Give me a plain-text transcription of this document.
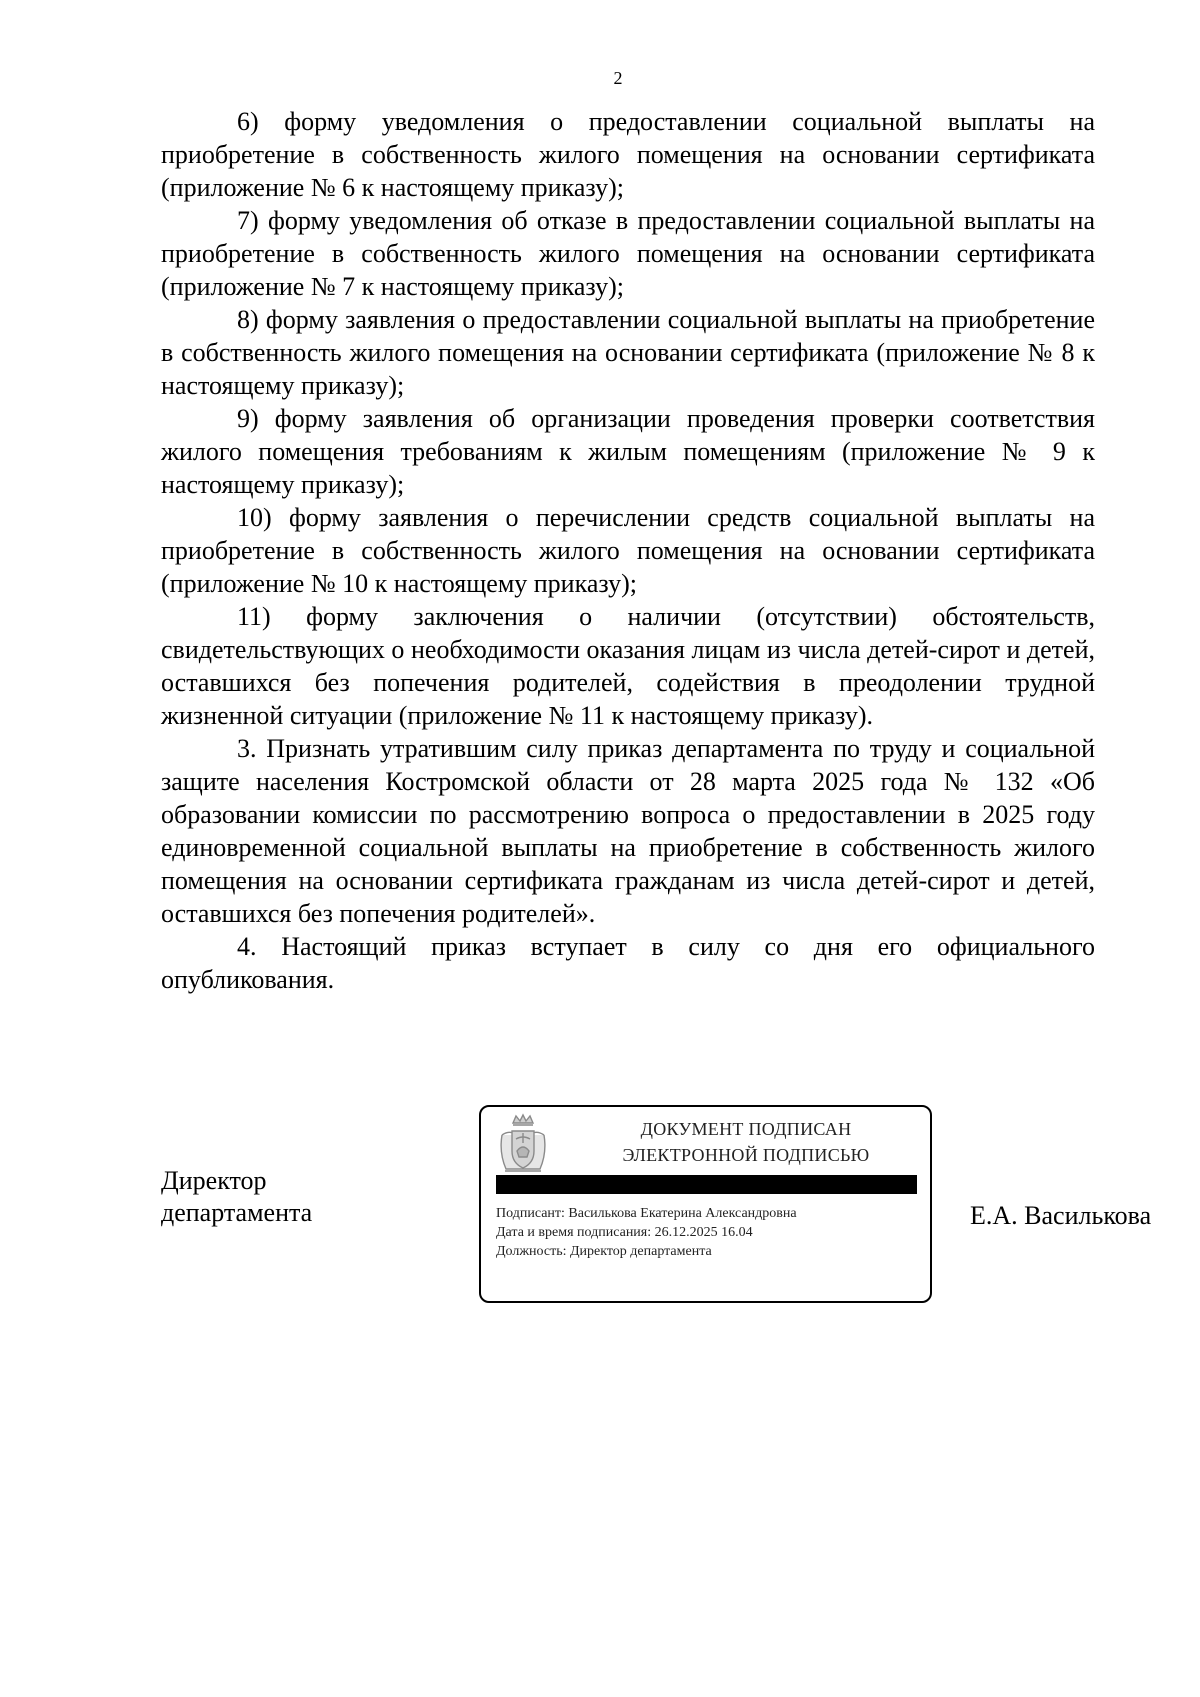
2

6) форму уведомления о предоставлении социальной выплаты на приобретение в собственность жилого помещения на основании сертификата (приложение № 6 к настоящему приказу);

7) форму уведомления об отказе в предоставлении социальной выплаты на приобретение в собственность жилого помещения на основании сертификата (приложение № 7 к настоящему приказу);

8) форму заявления о предоставлении социальной выплаты на приобретение в собственность жилого помещения на основании сертификата (приложение № 8 к настоящему приказу);

9) форму заявления об организации проведения проверки соответствия жилого помещения требованиям к жилым помещениям (приложение № 9 к настоящему приказу);

10) форму заявления о перечислении средств социальной выплаты на приобретение в собственность жилого помещения на основании сертификата (приложение № 10 к настоящему приказу);

11) форму заключения о наличии (отсутствии) обстоятельств, свидетельствующих о необходимости оказания лицам из числа детей-сирот и детей, оставшихся без попечения родителей, содействия в преодолении трудной жизненной ситуации (приложение № 11 к настоящему приказу).

3. Признать утратившим силу приказ департамента по труду и социальной защите населения Костромской области от 28 марта 2025 года № 132 «Об образовании комиссии по рассмотрению вопроса о предоставлении в 2025 году единовременной социальной выплаты на приобретение в собственность жилого помещения на основании сертификата гражданам из числа детей-сирот и детей, оставшихся без попечения родителей».

4. Настоящий приказ вступает в силу со дня его официального опубликования.

Директор
департамента
ДОКУМЕНТ ПОДПИСАН
ЭЛЕКТРОННОЙ ПОДПИСЬЮ
Подписант: Василькова Екатерина Александровна
Дата и время подписания: 26.12.2025 16.04
Должность: Директор департамента
Е.А. Василькова
